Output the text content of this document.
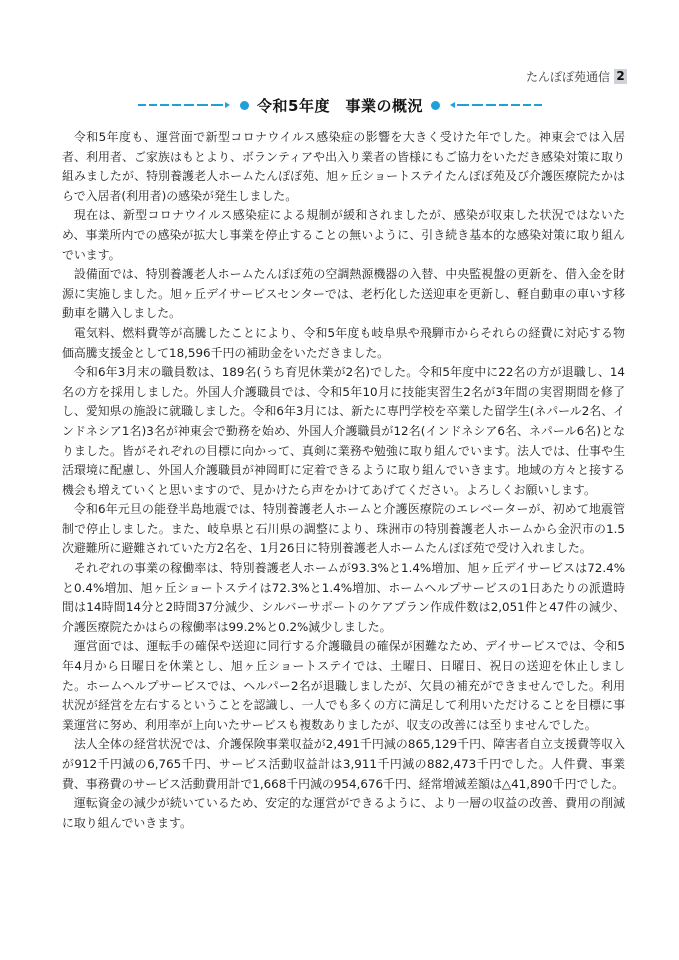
たんぽぽ苑通信 2
令和5年度　事業の概況

令和5年度も、運営面で新型コロナウイルス感染症の影響を大きく受けた年でした。神東会では入居者、利用者、ご家族はもとより、ボランティアや出入り業者の皆様にもご協力をいただき感染対策に取り組みましたが、特別養護老人ホームたんぽぽ苑、旭ヶ丘ショートステイたんぽぽ苑及び介護医療院たかはらで入居者(利用者)の感染が発生しました。

現在は、新型コロナウイルス感染症による規制が緩和されましたが、感染が収束した状況ではないため、事業所内での感染が拡大し事業を停止することの無いように、引き続き基本的な感染対策に取り組んでいます。

設備面では、特別養護老人ホームたんぽぽ苑の空調熱源機器の入替、中央監視盤の更新を、借入金を財源に実施しました。旭ヶ丘デイサービスセンターでは、老朽化した送迎車を更新し、軽自動車の車いす移動車を購入しました。

電気料、燃料費等が高騰したことにより、令和5年度も岐阜県や飛騨市からそれらの経費に対応する物価高騰支援金として18,596千円の補助金をいただきました。

令和6年3月末の職員数は、189名(うち育児休業が2名)でした。令和5年度中に22名の方が退職し、14名の方を採用しました。外国人介護職員では、令和5年10月に技能実習生2名が3年間の実習期間を修了し、愛知県の施設に就職しました。令和6年3月には、新たに専門学校を卒業した留学生(ネパール2名、インドネシア1名)3名が神東会で勤務を始め、外国人介護職員が12名(インドネシア6名、ネパール6名)となりました。皆がそれぞれの目標に向かって、真剣に業務や勉強に取り組んでいます。法人では、仕事や生活環境に配慮し、外国人介護職員が神岡町に定着できるように取り組んでいきます。地域の方々と接する機会も増えていくと思いますので、見かけたら声をかけてあげてください。よろしくお願いします。

令和6年元旦の能登半島地震では、特別養護老人ホームと介護医療院のエレベーターが、初めて地震管制で停止しました。また、岐阜県と石川県の調整により、珠洲市の特別養護老人ホームから金沢市の1.5次避難所に避難されていた方2名を、1月26日に特別養護老人ホームたんぽぽ苑で受け入れました。

それぞれの事業の稼働率は、特別養護老人ホームが93.3%と1.4%増加、旭ヶ丘デイサービスは72.4%と0.4%増加、旭ヶ丘ショートステイは72.3%と1.4%増加、ホームヘルプサービスの1日あたりの派遣時間は14時間14分と2時間37分減少、シルバーサポートのケアプラン作成件数は2,051件と47件の減少、介護医療院たかはらの稼働率は99.2%と0.2%減少しました。

運営面では、運転手の確保や送迎に同行する介護職員の確保が困難なため、デイサービスでは、令和5年4月から日曜日を休業とし、旭ヶ丘ショートステイでは、土曜日、日曜日、祝日の送迎を休止しました。ホームヘルプサービスでは、ヘルパー2名が退職しましたが、欠員の補充ができませんでした。利用状況が経営を左右するということを認識し、一人でも多くの方に満足して利用いただけることを目標に事業運営に努め、利用率が上向いたサービスも複数ありましたが、収支の改善には至りませんでした。

法人全体の経営状況では、介護保険事業収益が2,491千円減の865,129千円、障害者自立支援費等収入が912千円減の6,765千円、サービス活動収益計は3,911千円減の882,473千円でした。人件費、事業費、事務費のサービス活動費用計で1,668千円減の954,676千円、経常増減差額は△41,890千円でした。

運転資金の減少が続いているため、安定的な運営ができるように、より一層の収益の改善、費用の削減に取り組んでいきます。
